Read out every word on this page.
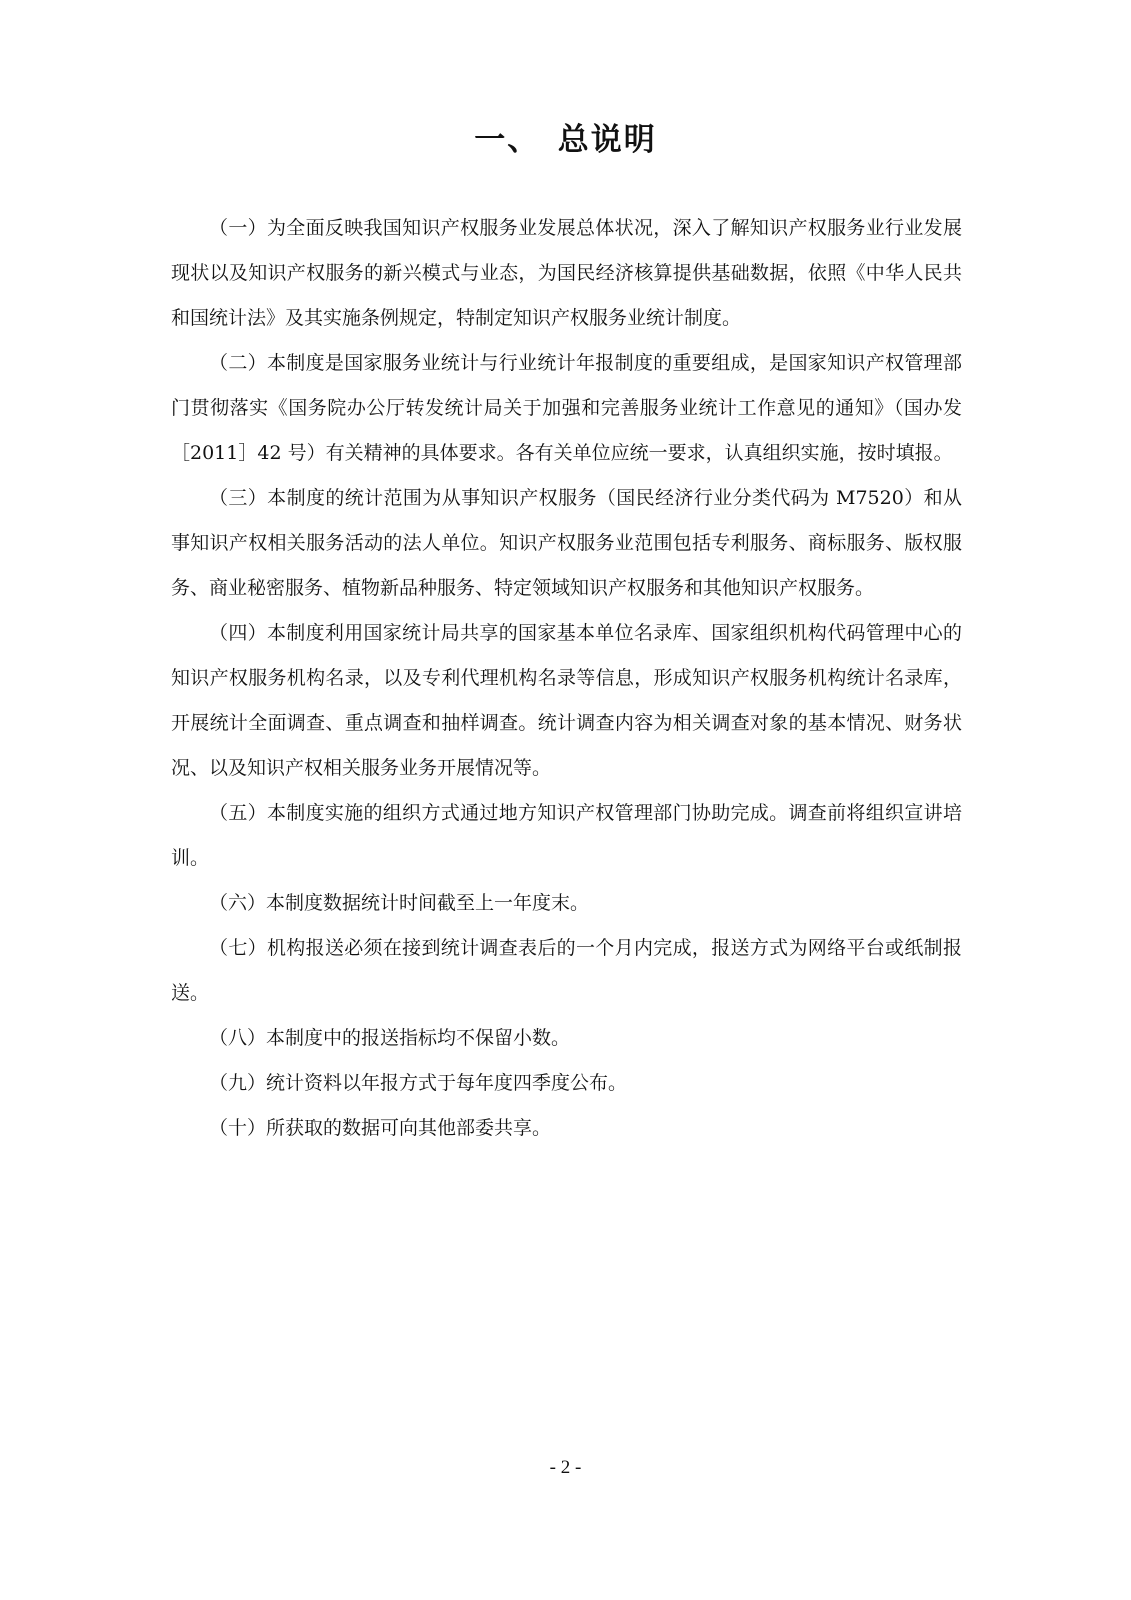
一、　总说明

（一）为全面反映我国知识产权服务业发展总体状况，深入了解知识产权服务业行业发展现状以及知识产权服务的新兴模式与业态，为国民经济核算提供基础数据，依照《中华人民共和国统计法》及其实施条例规定，特制定知识产权服务业统计制度。

（二）本制度是国家服务业统计与行业统计年报制度的重要组成，是国家知识产权管理部门贯彻落实《国务院办公厅转发统计局关于加强和完善服务业统计工作意见的通知》（国办发［2011］42 号）有关精神的具体要求。各有关单位应统一要求，认真组织实施，按时填报。

（三）本制度的统计范围为从事知识产权服务（国民经济行业分类代码为 M7520）和从事知识产权相关服务活动的法人单位。知识产权服务业范围包括专利服务、商标服务、版权服务、商业秘密服务、植物新品种服务、特定领域知识产权服务和其他知识产权服务。

（四）本制度利用国家统计局共享的国家基本单位名录库、国家组织机构代码管理中心的知识产权服务机构名录，以及专利代理机构名录等信息，形成知识产权服务机构统计名录库，开展统计全面调查、重点调查和抽样调查。统计调查内容为相关调查对象的基本情况、财务状况、以及知识产权相关服务业务开展情况等。

（五）本制度实施的组织方式通过地方知识产权管理部门协助完成。调查前将组织宣讲培训。

（六）本制度数据统计时间截至上一年度末。

（七）机构报送必须在接到统计调查表后的一个月内完成，报送方式为网络平台或纸制报送。

（八）本制度中的报送指标均不保留小数。

（九）统计资料以年报方式于每年度四季度公布。

（十）所获取的数据可向其他部委共享。

- 2 -
